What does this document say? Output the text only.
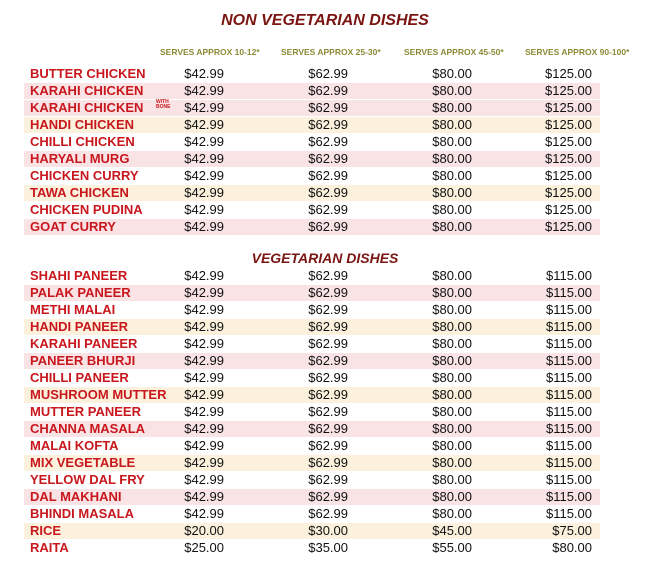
NON VEGETARIAN DISHES
SERVES APPROX 10-12*	SERVES APPROX 25-30*	SERVES APPROX 45-50*	SERVES APPROX 90-100*
BUTTER CHICKEN	$42.99	$62.99	$80.00	$125.00
KARAHI CHICKEN	$42.99	$62.99	$80.00	$125.00
KARAHI CHICKEN	WITH BONE	$42.99	$62.99	$80.00	$125.00
HANDI CHICKEN	$42.99	$62.99	$80.00	$125.00
CHILLI CHICKEN	$42.99	$62.99	$80.00	$125.00
HARYALI MURG	$42.99	$62.99	$80.00	$125.00
CHICKEN CURRY	$42.99	$62.99	$80.00	$125.00
TAWA CHICKEN	$42.99	$62.99	$80.00	$125.00
CHICKEN PUDINA	$42.99	$62.99	$80.00	$125.00
GOAT CURRY	$42.99	$62.99	$80.00	$125.00
VEGETARIAN DISHES
SHAHI PANEER	$42.99	$62.99	$80.00	$115.00
PALAK PANEER	$42.99	$62.99	$80.00	$115.00
METHI MALAI	$42.99	$62.99	$80.00	$115.00
HANDI PANEER	$42.99	$62.99	$80.00	$115.00
KARAHI PANEER	$42.99	$62.99	$80.00	$115.00
PANEER BHURJI	$42.99	$62.99	$80.00	$115.00
CHILLI PANEER	$42.99	$62.99	$80.00	$115.00
MUSHROOM MUTTER	$42.99	$62.99	$80.00	$115.00
MUTTER PANEER	$42.99	$62.99	$80.00	$115.00
CHANNA MASALA	$42.99	$62.99	$80.00	$115.00
MALAI KOFTA	$42.99	$62.99	$80.00	$115.00
MIX VEGETABLE	$42.99	$62.99	$80.00	$115.00
YELLOW DAL FRY	$42.99	$62.99	$80.00	$115.00
DAL MAKHANI	$42.99	$62.99	$80.00	$115.00
BHINDI MASALA	$42.99	$62.99	$80.00	$115.00
RICE	$20.00	$30.00	$45.00	$75.00
RAITA	$25.00	$35.00	$55.00	$80.00
